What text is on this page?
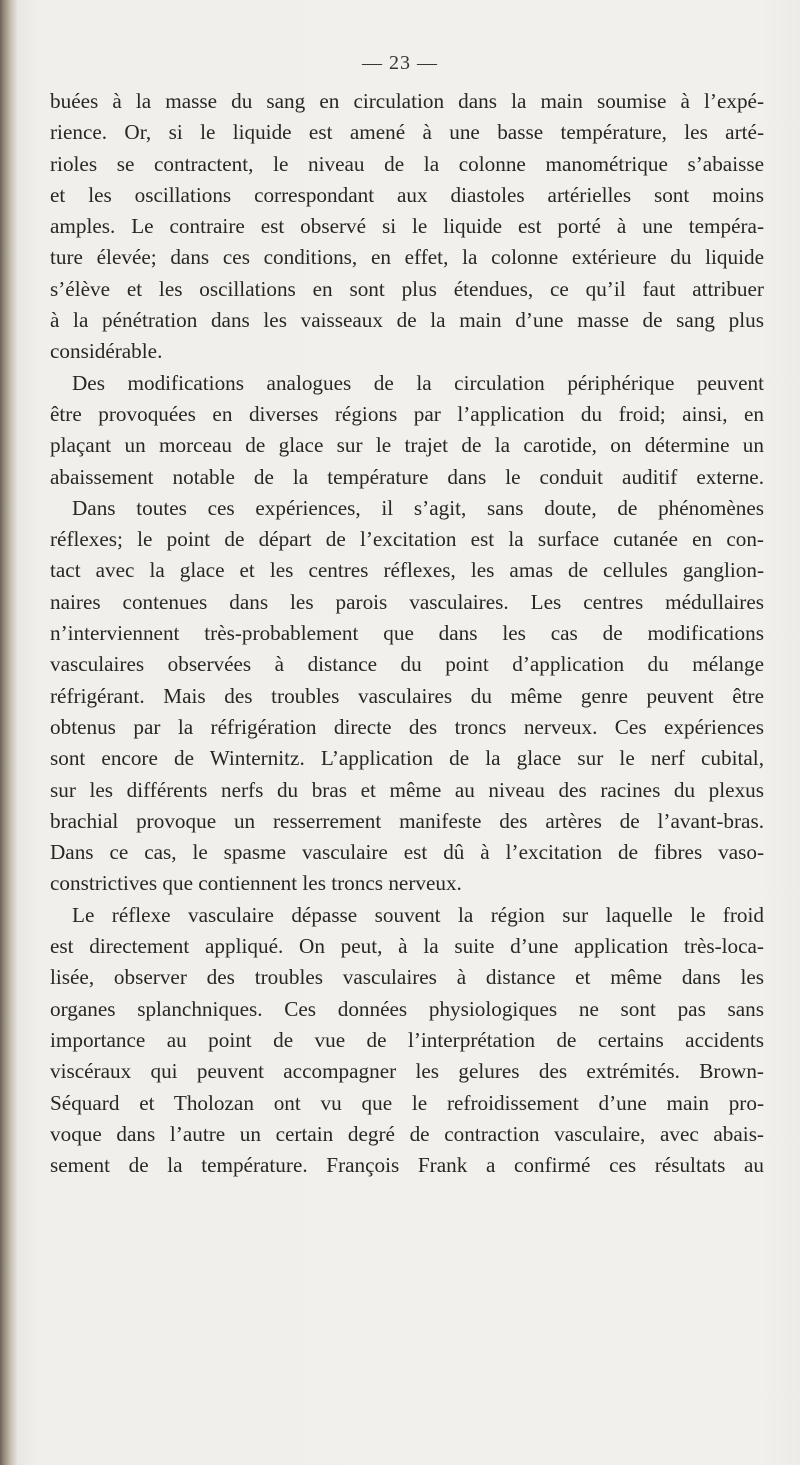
— 23 —
buées à la masse du sang en circulation dans la main soumise à l’expé-
rience. Or, si le liquide est amené à une basse température, les arté-
rioles se contractent, le niveau de la colonne manométrique s’abaisse
et les oscillations correspondant aux diastoles artérielles sont moins
amples. Le contraire est observé si le liquide est porté à une tempéra-
ture élevée; dans ces conditions, en effet, la colonne extérieure du liquide
s’élève et les oscillations en sont plus étendues, ce qu’il faut attribuer
à la pénétration dans les vaisseaux de la main d’une masse de sang plus
considérable.
Des modifications analogues de la circulation périphérique peuvent
être provoquées en diverses régions par l’application du froid; ainsi, en
plaçant un morceau de glace sur le trajet de la carotide, on détermine un
abaissement notable de la température dans le conduit auditif externe.
Dans toutes ces expériences, il s’agit, sans doute, de phénomènes
réflexes; le point de départ de l’excitation est la surface cutanée en con-
tact avec la glace et les centres réflexes, les amas de cellules ganglion-
naires contenues dans les parois vasculaires. Les centres médullaires
n’interviennent très-probablement que dans les cas de modifications
vasculaires observées à distance du point d’application du mélange
réfrigérant. Mais des troubles vasculaires du même genre peuvent être
obtenus par la réfrigération directe des troncs nerveux. Ces expériences
sont encore de Winternitz. L’application de la glace sur le nerf cubital,
sur les différents nerfs du bras et même au niveau des racines du plexus
brachial provoque un resserrement manifeste des artères de l’avant-bras.
Dans ce cas, le spasme vasculaire est dû à l’excitation de fibres vaso-
constrictives que contiennent les troncs nerveux.
Le réflexe vasculaire dépasse souvent la région sur laquelle le froid
est directement appliqué. On peut, à la suite d’une application très-loca-
lisée, observer des troubles vasculaires à distance et même dans les
organes splanchniques. Ces données physiologiques ne sont pas sans
importance au point de vue de l’interprétation de certains accidents
viscéraux qui peuvent accompagner les gelures des extrémités. Brown-
Séquard et Tholozan ont vu que le refroidissement d’une main pro-
voque dans l’autre un certain degré de contraction vasculaire, avec abais-
sement de la température. François Frank a confirmé ces résultats au
